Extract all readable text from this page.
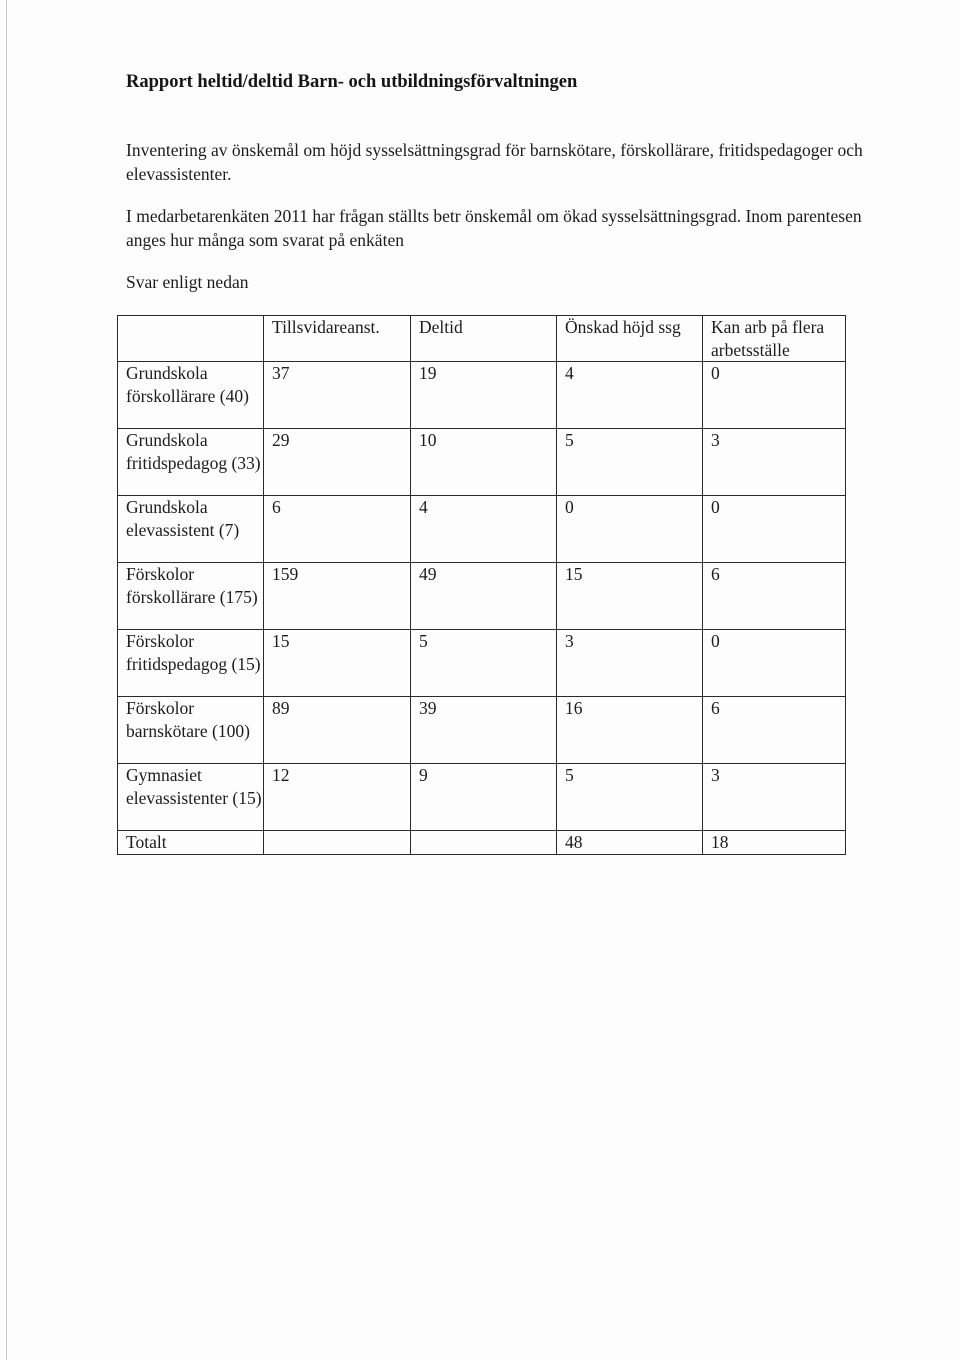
Rapport heltid/deltid Barn- och utbildningsförvaltningen
Inventering av önskemål om höjd sysselsättningsgrad för barnskötare, förskollärare, fritidspedagoger och elevassistenter.
I medarbetarenkäten 2011 har frågan ställts betr önskemål om ökad sysselsättningsgrad. Inom parentesen anges hur många som svarat på enkäten
Svar enligt nedan
	Tillsvidareanst.	Deltid	Önskad höjd ssg	Kan arb på flera arbetsställe
Grundskola förskollärare (40)	37	19	4	0
Grundskola fritidspedagog (33)	29	10	5	3
Grundskola elevassistent (7)	6	4	0	0
Förskolor förskollärare (175)	159	49	15	6
Förskolor fritidspedagog (15)	15	5	3	0
Förskolor barnskötare (100)	89	39	16	6
Gymnasiet elevassistenter (15)	12	9	5	3
Totalt			48	18
